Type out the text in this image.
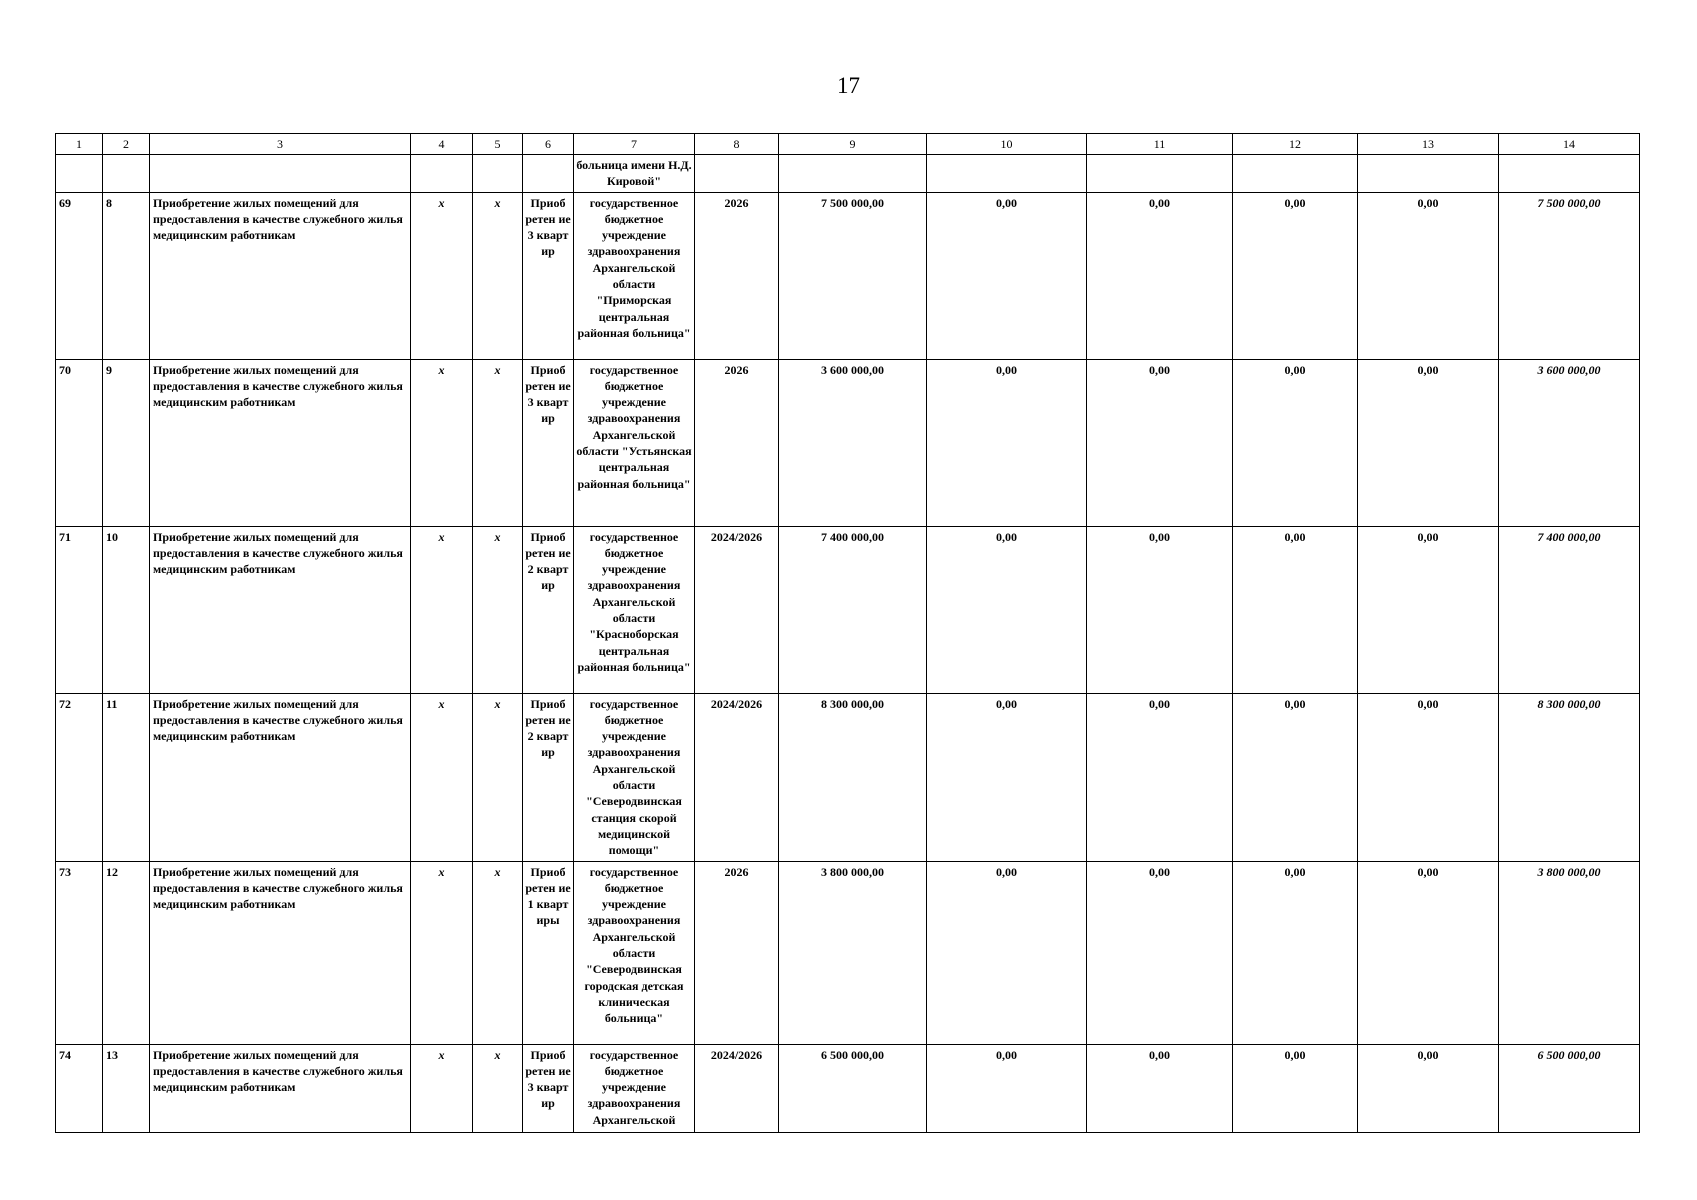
17
1	2	3	4	5	6	7	8	9	10	11	12	13	14
						больница имени Н.Д. Кировой"							
69	8	Приобретение жилых помещений для предоставления в качестве служебного жилья медицинским работникам	x	x	Приоб ретен ие 3 кварт ир	государственное бюджетное учреждение здравоохранения Архангельской области "Приморская центральная районная больница"	2026	7 500 000,00	0,00	0,00	0,00	0,00	7 500 000,00
70	9	Приобретение жилых помещений для предоставления в качестве служебного жилья медицинским работникам	x	x	Приоб ретен ие 3 кварт ир	государственное бюджетное учреждение здравоохранения Архангельской области "Устьянская центральная районная больница"	2026	3 600 000,00	0,00	0,00	0,00	0,00	3 600 000,00
71	10	Приобретение жилых помещений для предоставления в качестве служебного жилья медицинским работникам	x	x	Приоб ретен ие 2 кварт ир	государственное бюджетное учреждение здравоохранения Архангельской области "Красноборская центральная районная больница"	2024/2026	7 400 000,00	0,00	0,00	0,00	0,00	7 400 000,00
72	11	Приобретение жилых помещений для предоставления в качестве служебного жилья медицинским работникам	x	x	Приоб ретен ие 2 кварт ир	государственное бюджетное учреждение здравоохранения Архангельской области "Северодвинская станция скорой медицинской помощи"	2024/2026	8 300 000,00	0,00	0,00	0,00	0,00	8 300 000,00
73	12	Приобретение жилых помещений для предоставления в качестве служебного жилья медицинским работникам	x	x	Приоб ретен ие 1 кварт иры	государственное бюджетное учреждение здравоохранения Архангельской области "Северодвинская городская детская клиническая больница"	2026	3 800 000,00	0,00	0,00	0,00	0,00	3 800 000,00
74	13	Приобретение жилых помещений для предоставления в качестве служебного жилья медицинским работникам	x	x	Приоб ретен ие 3 кварт ир	государственное бюджетное учреждение здравоохранения Архангельской	2024/2026	6 500 000,00	0,00	0,00	0,00	0,00	6 500 000,00
